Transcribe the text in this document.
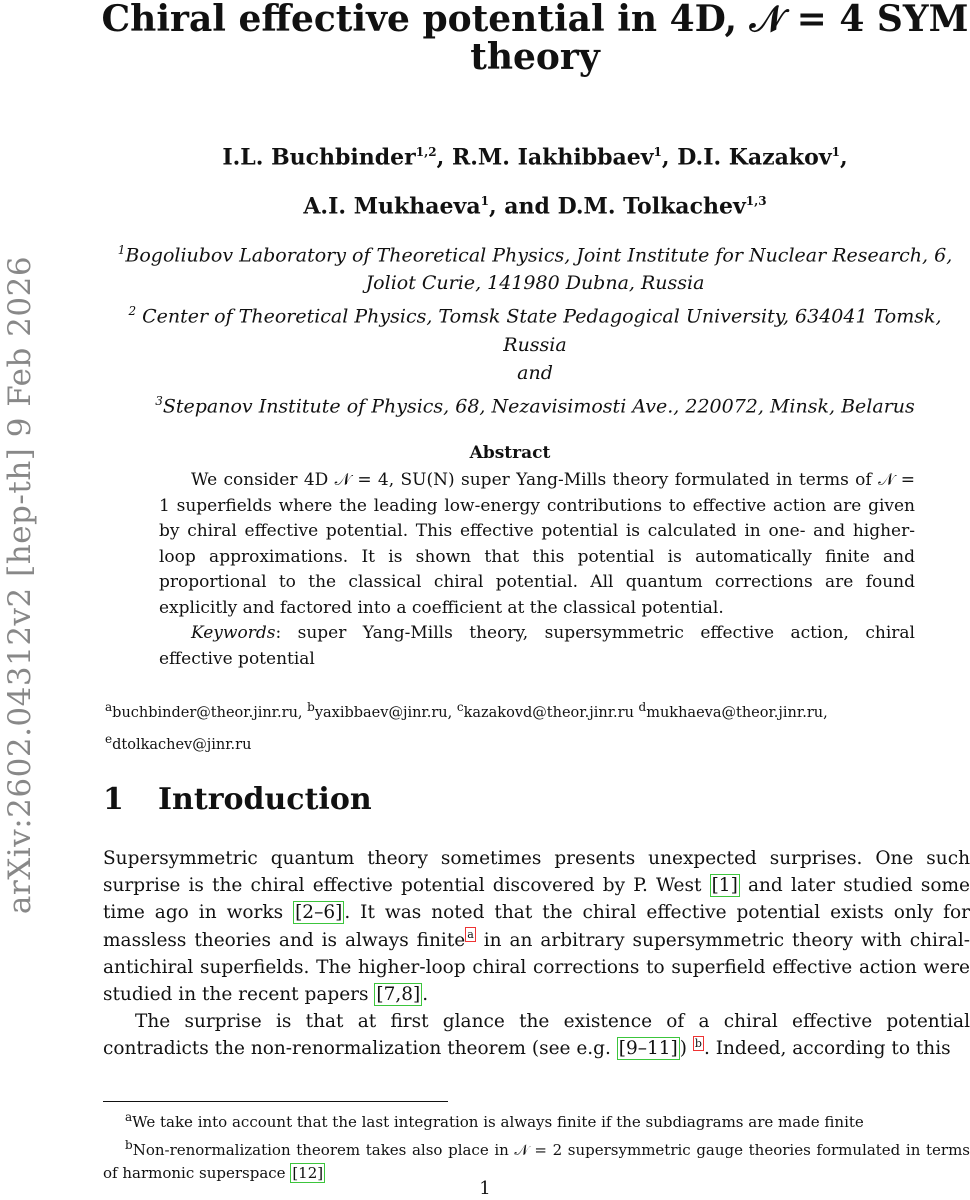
arXiv:2602.04312v2 [hep-th] 9 Feb 2026
Chiral effective potential in 4D, 𝒩 = 4 SYM
theory
I.L. Buchbinder$^{1,2}$, R.M. Iakhibbaev$^1$, D.I. Kazakov$^1$,
A.I. Mukhaeva$^1$, and D.M. Tolkachev$^{1,3}$
$^1$Bogoliubov Laboratory of Theoretical Physics, Joint Institute for Nuclear Research, 6, Joliot Curie, 141980 Dubna, Russia
$^2$ Center of Theoretical Physics, Tomsk State Pedagogical University, 634041 Tomsk, Russia
and
$^3$Stepanov Institute of Physics, 68, Nezavisimosti Ave., 220072, Minsk, Belarus
Abstract

We consider 4D 𝒩 = 4, SU(N) super Yang-Mills theory formulated in terms of 𝒩 = 1 superfields where the leading low-energy contributions to effective action are given by chiral effective potential. This effective potential is calculated in one- and higher-loop approximations. It is shown that this potential is automatically finite and proportional to the classical chiral potential. All quantum corrections are found explicitly and factored into a coefficient at the classical potential.

Keywords: super Yang-Mills theory, supersymmetric effective action, chiral effective potential

$^a$buchbinder@theor.jinr.ru, $^b$yaxibbaev@jinr.ru, $^c$kazakovd@theor.jinr.ru $^d$mukhaeva@theor.jinr.ru, $^e$dtolkachev@jinr.ru
1 Introduction

Supersymmetric quantum theory sometimes presents unexpected surprises. One such surprise is the chiral effective potential discovered by P. West [1] and later studied some time ago in works [2–6] . It was noted that the chiral effective potential exists only for massless theories and is always finite $^a$ in an arbitrary supersymmetric theory with chiral-antichiral superfields. The higher-loop chiral corrections to superfield effective action were studied in the recent papers [7,8] .

The surprise is that at first glance the existence of a chiral effective potential contradicts the non-renormalization theorem (see e.g. [9–11] ) $^b$ . Indeed, according to this

$^a$We take into account that the last integration is always finite if the subdiagrams are made finite

$^b$Non-renormalization theorem takes also place in 𝒩 = 2 supersymmetric gauge theories formulated in terms of harmonic superspace [12]

1
